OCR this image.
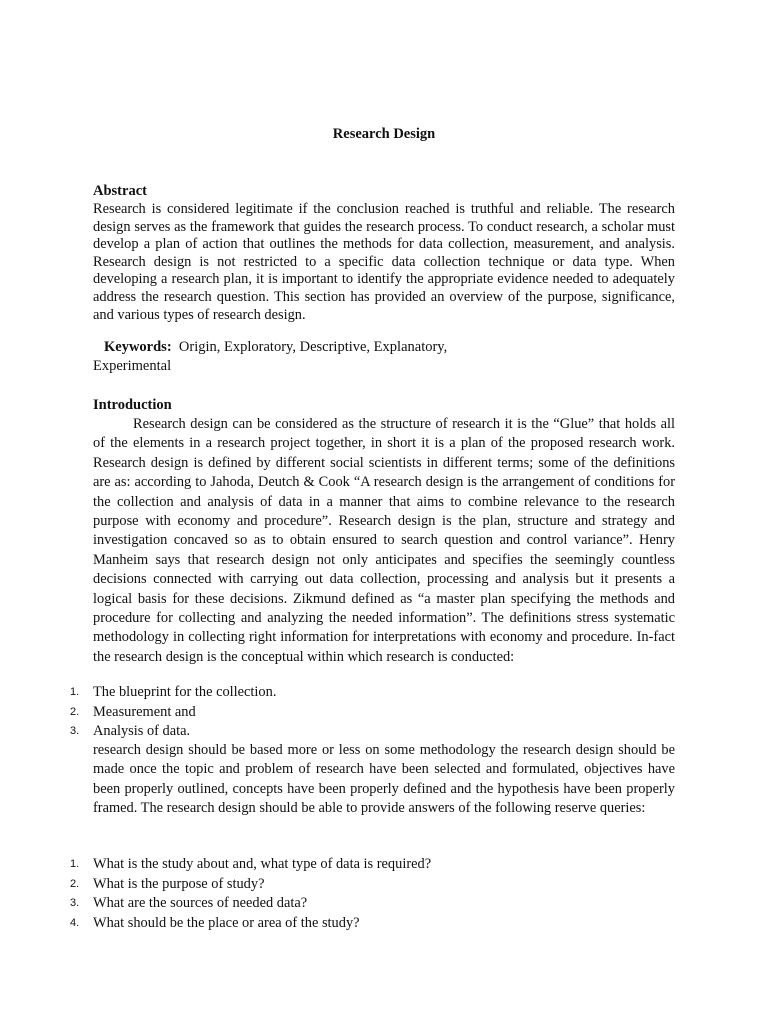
Research Design

Abstract

Research is considered legitimate if the conclusion reached is truthful and reliable. The research design serves as the framework that guides the research process. To conduct research, a scholar must develop a plan of action that outlines the methods for data collection, measurement, and analysis. Research design is not restricted to a specific data collection technique or data type. When developing a research plan, it is important to identify the appropriate evidence needed to adequately address the research question. This section has provided an overview of the purpose, significance, and various types of research design.

Keywords: Origin, Exploratory, Descriptive, Explanatory,
Experimental

Introduction

Research design can be considered as the structure of research it is the “Glue” that holds all of the elements in a research project together, in short it is a plan of the proposed research work. Research design is defined by different social scientists in different terms; some of the definitions are as: according to Jahoda, Deutch & Cook “A research design is the arrangement of conditions for the collection and analysis of data in a manner that aims to combine relevance to the research purpose with economy and procedure”. Research design is the plan, structure and strategy and investigation concaved so as to obtain ensured to search question and control variance”. Henry Manheim says that research design not only anticipates and specifies the seemingly countless decisions connected with carrying out data collection, processing and analysis but it presents a logical basis for these decisions. Zikmund defined as “a master plan specifying the methods and procedure for collecting and analyzing the needed information”. The definitions stress systematic methodology in collecting right information for interpretations with economy and procedure. In-fact the research design is the conceptual within which research is conducted:

1. The blueprint for the collection.
2. Measurement and
3. Analysis of data.

research design should be based more or less on some methodology the research design should be made once the topic and problem of research have been selected and formulated, objectives have been properly outlined, concepts have been properly defined and the hypothesis have been properly framed. The research design should be able to provide answers of the following reserve queries:

1. What is the study about and, what type of data is required?
2. What is the purpose of study?
3. What are the sources of needed data?
4. What should be the place or area of the study?
